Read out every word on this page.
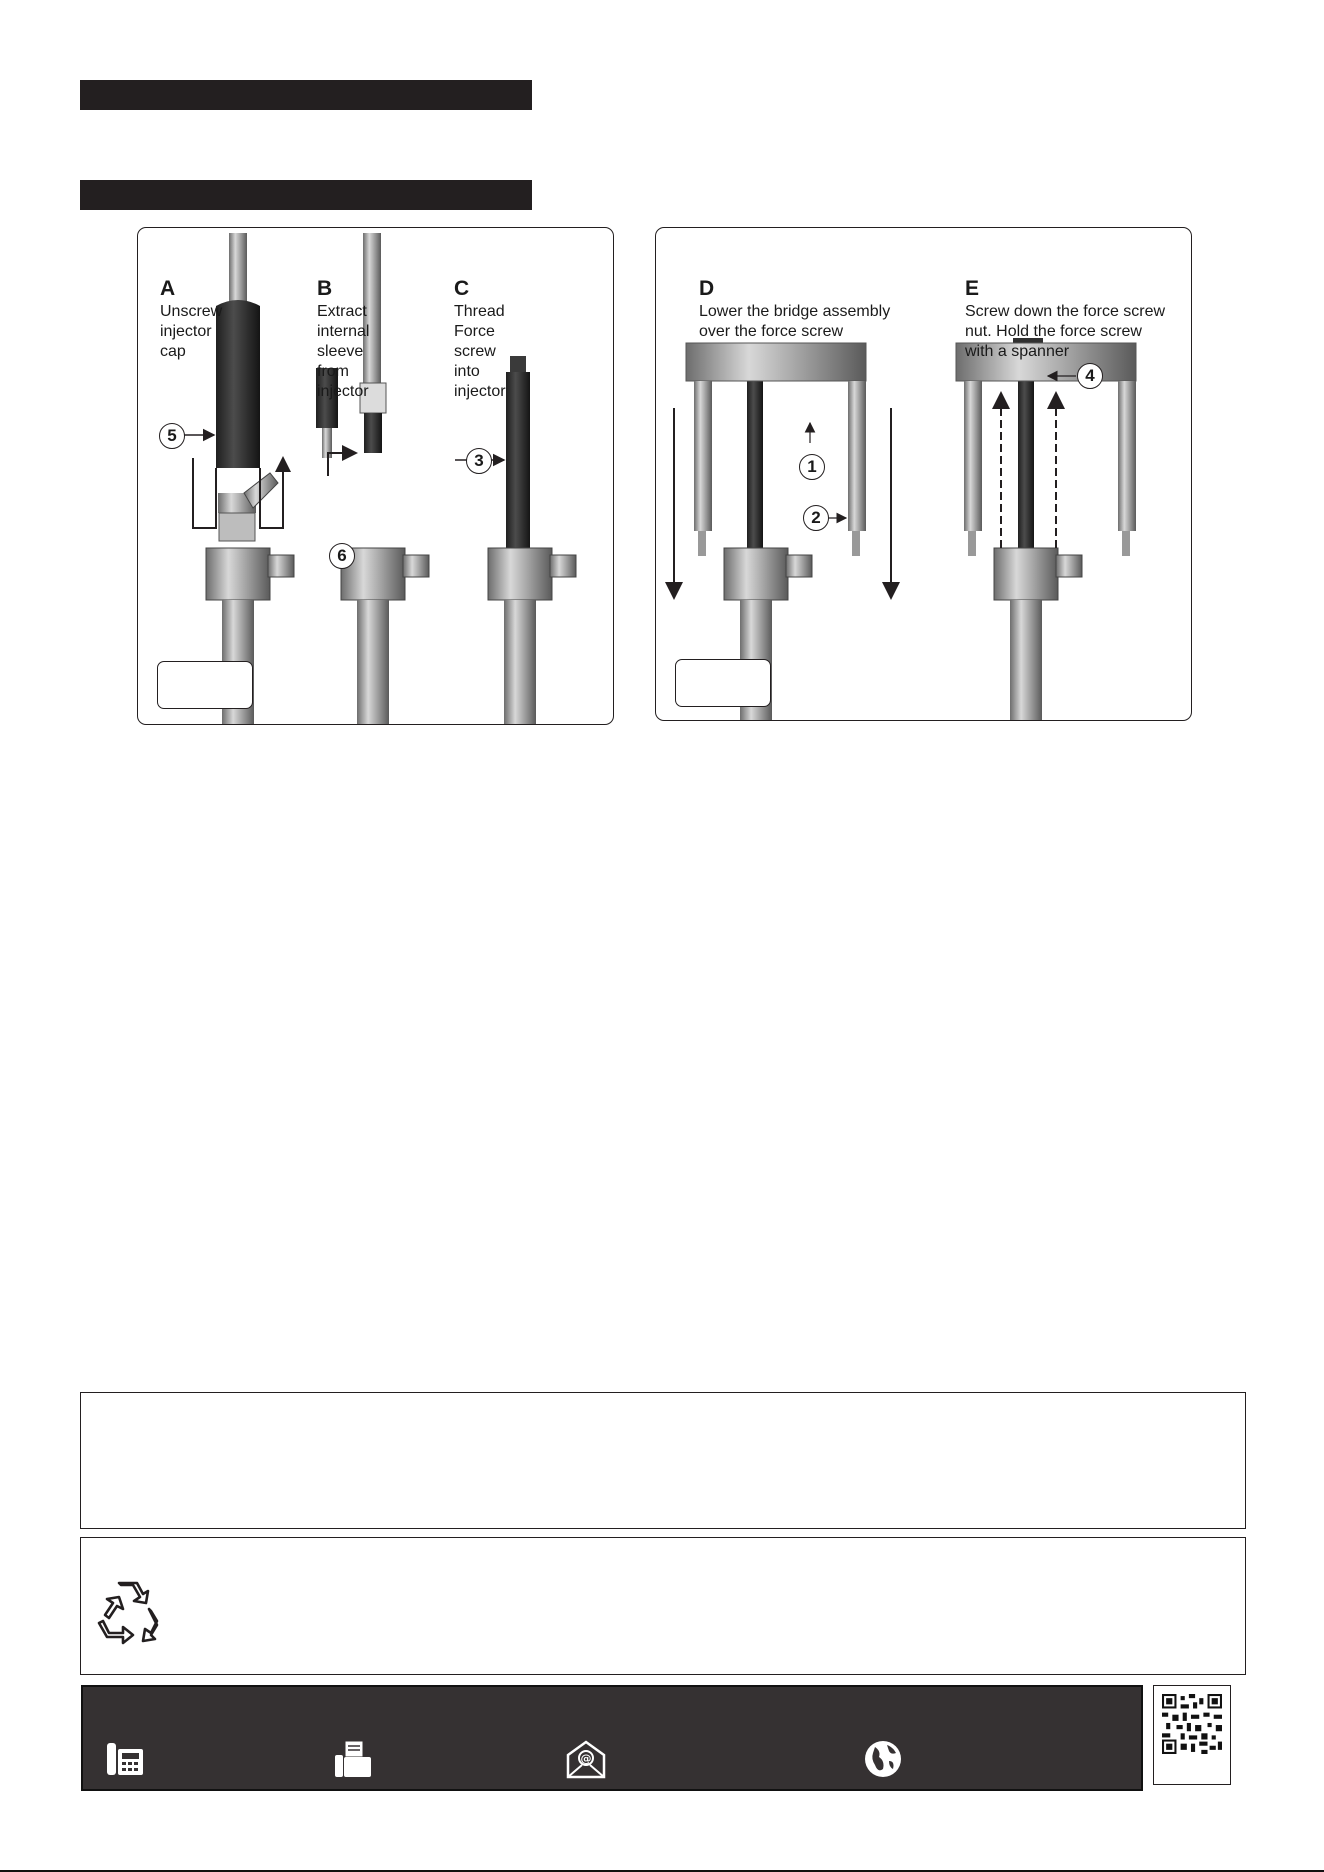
A
Unscrew
injector
cap
B
Extract
internal
sleeve
from
injector
C
Thread
Force
screw
into
injector
5
6
3
D
Lower the bridge assembly
over the force screw
E
Screw down the force screw
nut. Hold the force screw
with a spanner
1
2
4
@
